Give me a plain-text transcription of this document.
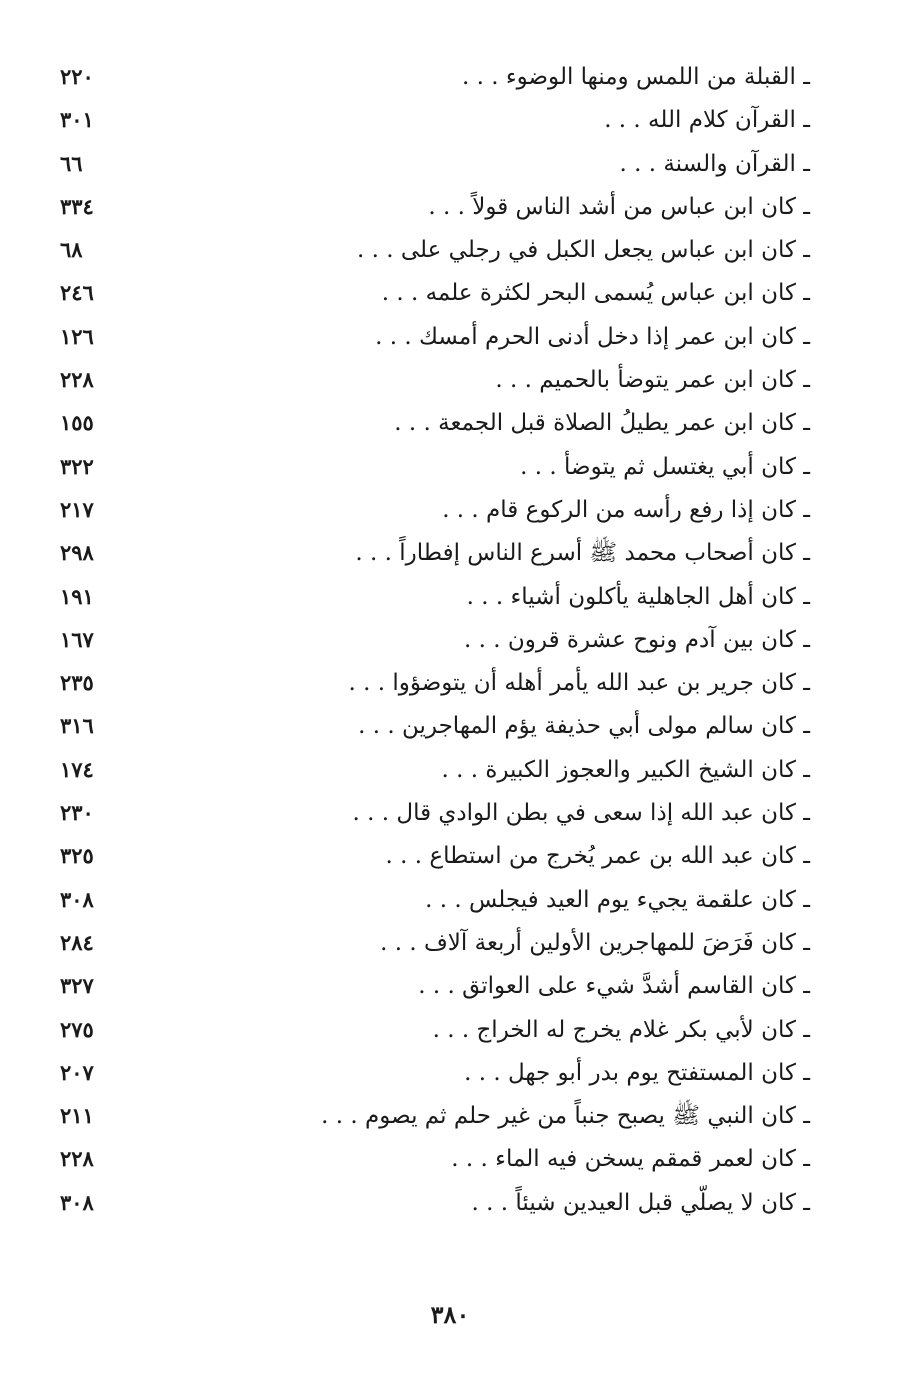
ـ القبلة من اللمس ومنها الوضوء . . .
٢٢٠
ـ القرآن كلام الله . . .
٣٠١
ـ القرآن والسنة . . .
٦٦
ـ كان ابن عباس من أشد الناس قولاً . . .
٣٣٤
ـ كان ابن عباس يجعل الكبل في رجلي على . . .
٦٨
ـ كان ابن عباس يُسمى البحر لكثرة علمه . . .
٢٤٦
ـ كان ابن عمر إذا دخل أدنى الحرم أمسك . . .
١٢٦
ـ كان ابن عمر يتوضأ بالحميم . . .
٢٢٨
ـ كان ابن عمر يطيلُ الصلاة قبل الجمعة . . .
١٥٥
ـ كان أبي يغتسل ثم يتوضأ . . .
٣٢٢
ـ كان إذا رفع رأسه من الركوع قام . . .
٢١٧
ـ كان أصحاب محمد ﷺ أسرع الناس إفطاراً . . .
٢٩٨
ـ كان أهل الجاهلية يأكلون أشياء . . .
١٩١
ـ كان بين آدم ونوح عشرة قرون . . .
١٦٧
ـ كان جرير بن عبد الله يأمر أهله أن يتوضؤوا . . .
٢٣٥
ـ كان سالم مولى أبي حذيفة يؤم المهاجرين . . .
٣١٦
ـ كان الشيخ الكبير والعجوز الكبيرة . . .
١٧٤
ـ كان عبد الله إذا سعى في بطن الوادي قال . . .
٢٣٠
ـ كان عبد الله بن عمر يُخرج من استطاع . . .
٣٢٥
ـ كان علقمة يجيء يوم العيد فيجلس . . .
٣٠٨
ـ كان فَرَضَ للمهاجرين الأولين أربعة آلاف . . .
٢٨٤
ـ كان القاسم أشدَّ شيء على العواتق . . .
٣٢٧
ـ كان لأبي بكر غلام يخرج له الخراج . . .
٢٧٥
ـ كان المستفتح يوم بدر أبو جهل . . .
٢٠٧
ـ كان النبي ﷺ يصبح جنباً من غير حلم ثم يصوم . . .
٢١١
ـ كان لعمر قمقم يسخن فيه الماء . . .
٢٢٨
ـ كان لا يصلّي قبل العيدين شيئاً . . .
٣٠٨
٣٨٠
